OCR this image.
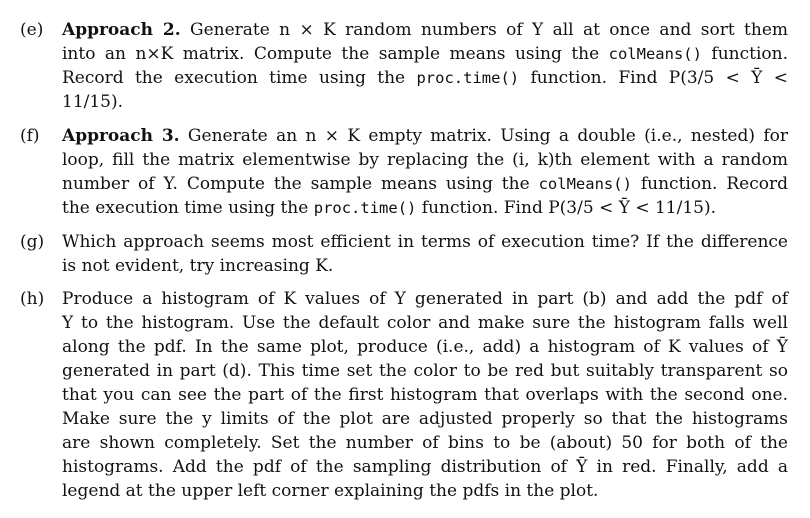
(e)	Approach 2. Generate n × K random numbers of Y all at once and sort them
into an n×K matrix. Compute the sample means using the colMeans() function.
Record the execution time using the proc.time() function. Find P(3/5 < Ȳ <
11/15).
(f)	Approach 3. Generate an n × K empty matrix. Using a double (i.e., nested) for
loop, fill the matrix elementwise by replacing the (i, k)th element with a random
number of Y. Compute the sample means using the colMeans() function. Record
the execution time using the proc.time() function. Find P(3/5 < Ȳ < 11/15).
(g)	Which approach seems most efficient in terms of execution time? If the difference
is not evident, try increasing K.
(h)	Produce a histogram of K values of Y generated in part (b) and add the pdf of
Y to the histogram. Use the default color and make sure the histogram falls well
along the pdf. In the same plot, produce (i.e., add) a histogram of K values of Ȳ
generated in part (d). This time set the color to be red but suitably transparent so
that you can see the part of the first histogram that overlaps with the second one.
Make sure the y limits of the plot are adjusted properly so that the histograms
are shown completely. Set the number of bins to be (about) 50 for both of the
histograms. Add the pdf of the sampling distribution of Ȳ in red. Finally, add a
legend at the upper left corner explaining the pdfs in the plot.
